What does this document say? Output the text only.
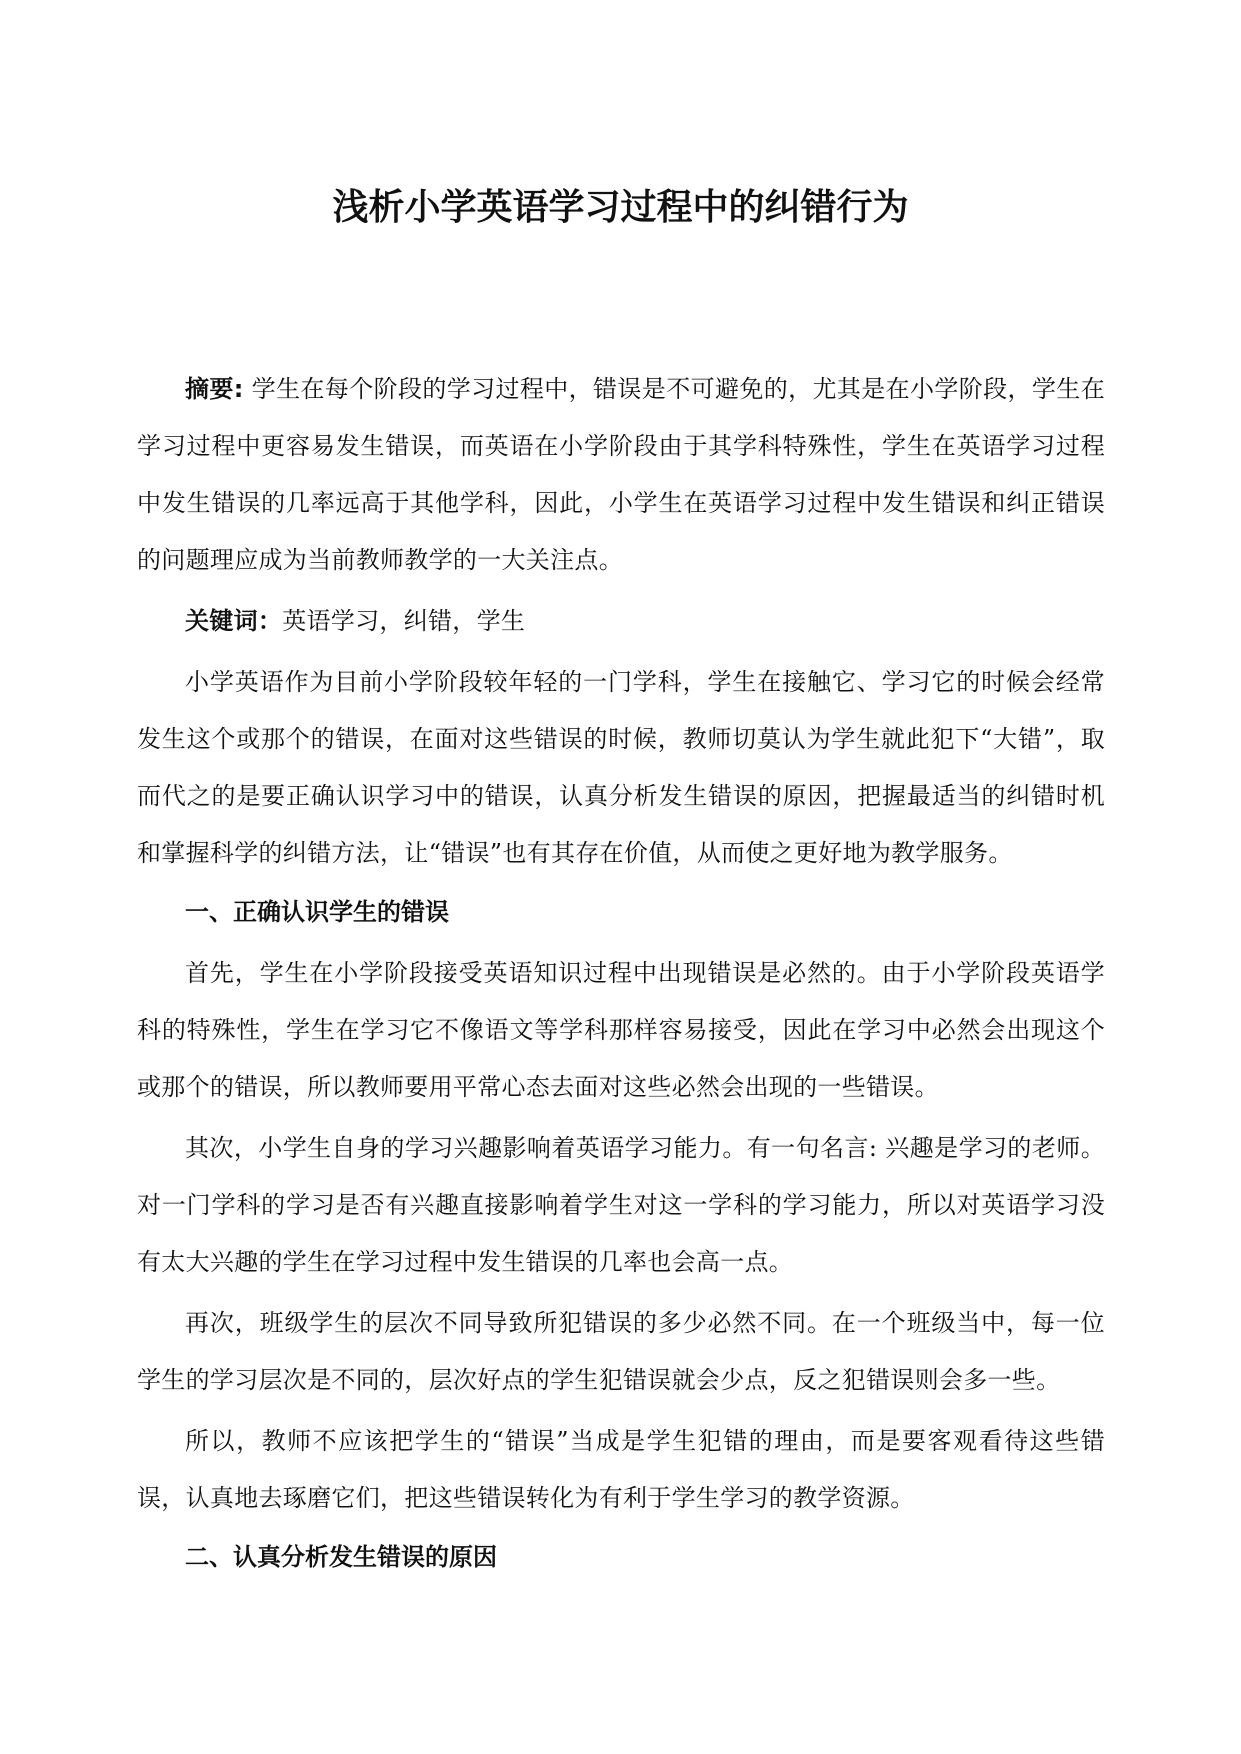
浅析小学英语学习过程中的纠错行为

摘要: 学生在每个阶段的学习过程中，错误是不可避免的，尤其是在小学阶段，学生在学习过程中更容易发生错误，而英语在小学阶段由于其学科特殊性，学生在英语学习过程中发生错误的几率远高于其他学科，因此，小学生在英语学习过程中发生错误和纠正错误的问题理应成为当前教师教学的一大关注点。

关键词：英语学习，纠错，学生

小学英语作为目前小学阶段较年轻的一门学科，学生在接触它、学习它的时候会经常发生这个或那个的错误，在面对这些错误的时候，教师切莫认为学生就此犯下“大错”，取而代之的是要正确认识学习中的错误，认真分析发生错误的原因，把握最适当的纠错时机和掌握科学的纠错方法，让“错误”也有其存在价值，从而使之更好地为教学服务。

一、正确认识学生的错误

首先，学生在小学阶段接受英语知识过程中出现错误是必然的。由于小学阶段英语学科的特殊性，学生在学习它不像语文等学科那样容易接受，因此在学习中必然会出现这个或那个的错误，所以教师要用平常心态去面对这些必然会出现的一些错误。

其次，小学生自身的学习兴趣影响着英语学习能力。有一句名言: 兴趣是学习的老师。对一门学科的学习是否有兴趣直接影响着学生对这一学科的学习能力，所以对英语学习没有太大兴趣的学生在学习过程中发生错误的几率也会高一点。

再次，班级学生的层次不同导致所犯错误的多少必然不同。在一个班级当中，每一位学生的学习层次是不同的，层次好点的学生犯错误就会少点，反之犯错误则会多一些。

所以，教师不应该把学生的“错误”当成是学生犯错的理由，而是要客观看待这些错误，认真地去琢磨它们，把这些错误转化为有利于学生学习的教学资源。

二、认真分析发生错误的原因
